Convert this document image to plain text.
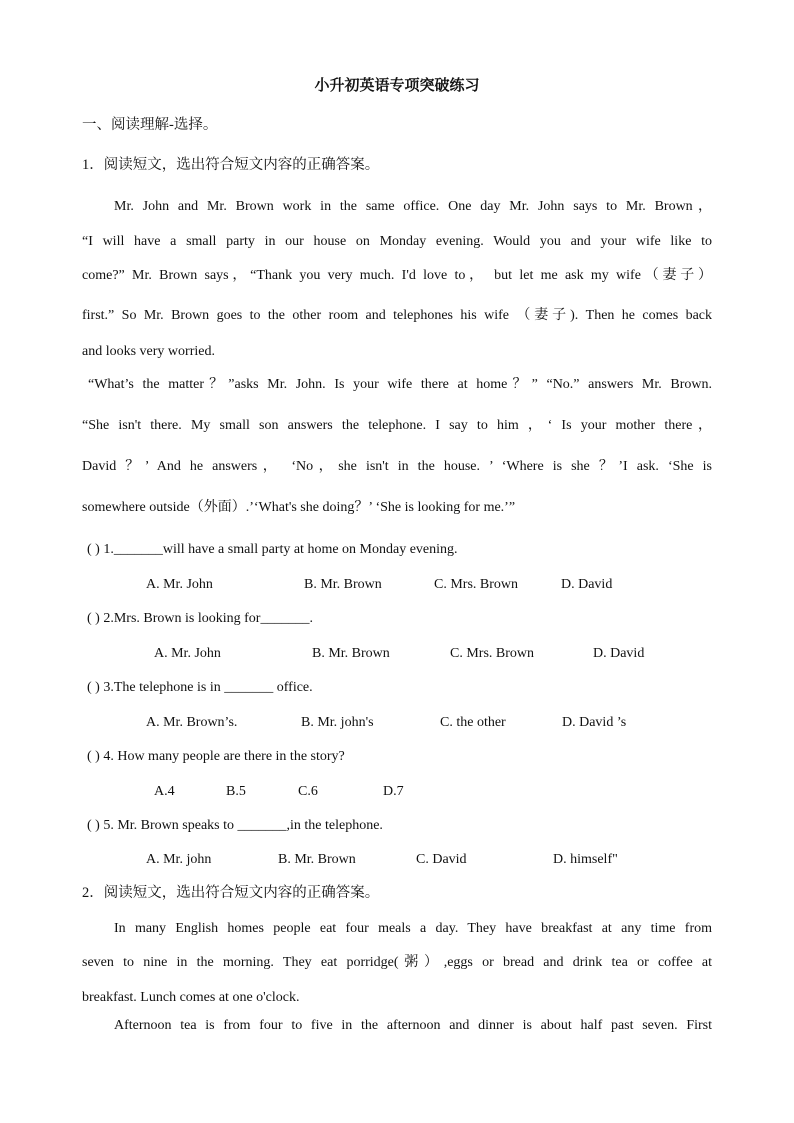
小升初英语专项突破练习
一、阅读理解-选择。
1．阅读短文，选出符合短文内容的正确答案。
Mr. John and Mr. Brown work in the same office. One day Mr. John says to Mr. Brown，
“I will have a small party in our house on Monday evening. Would you and your wife like to
come?” Mr. Brown says，“Thank you very much. I'd love to， but let me ask my wife（妻子）
first.” So Mr. Brown goes to the other room and telephones his wife （妻子). Then he comes back
and looks very worried.
“What’s the matter？”asks Mr. John. Is your wife there at home？” “No.” answers Mr. Brown.
“She isn't there. My small son answers the telephone. I say to him ，‘ Is your mother there，
David ？’ And he answers， ‘No，she isn't in the house. ’ ‘Where is she ？’I ask. ‘She is
somewhere outside（外面）.’‘What's she doing？’ ‘She is looking for me.’”
( ) 1._______will have a small party at home on Monday evening.
A. Mr. John	B. Mr. Brown	C. Mrs. Brown	D. David
( ) 2.Mrs. Brown is looking for_______.
A. Mr. John	B. Mr. Brown	C. Mrs. Brown	D. David
( ) 3.The telephone is in _______ office.
A. Mr. Brown’s.	B. Mr. john's	C. the other	D. David ’s
( ) 4. How many people are there in the story?
A.4	B.5	C.6	D.7
( ) 5. Mr. Brown speaks to _______,in the telephone.
A. Mr. john	B. Mr. Brown	C. David	D. himself"
2．阅读短文，选出符合短文内容的正确答案。
In many English homes people eat four meals a day. They have breakfast at any time from
seven to nine in the morning. They eat porridge(粥）,eggs or bread and drink tea or coffee at
breakfast. Lunch comes at one o'clock.
Afternoon tea is from four to five in the afternoon and dinner is about half past seven. First
